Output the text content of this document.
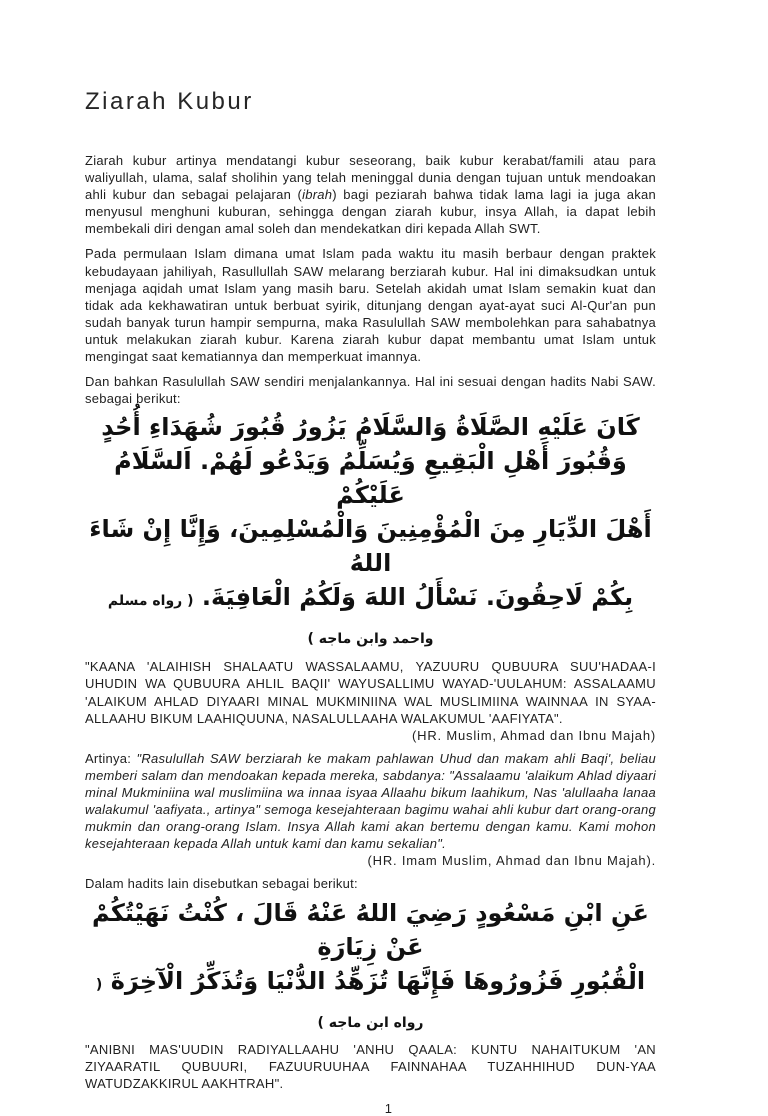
Ziarah Kubur

Ziarah kubur artinya mendatangi kubur seseorang, baik kubur kerabat/famili atau para waliyullah, ulama, salaf sholihin yang telah meninggal dunia dengan tujuan untuk mendoakan ahli kubur dan sebagai pelajaran (ibrah) bagi peziarah bahwa tidak lama lagi ia juga akan menyusul menghuni kuburan, sehingga dengan ziarah kubur, insya Allah, ia dapat lebih membekali diri dengan amal soleh dan mendekatkan diri kepada Allah SWT.

Pada permulaan Islam dimana umat Islam pada waktu itu masih berbaur dengan praktek kebudayaan jahiliyah, Rasullullah SAW melarang berziarah kubur. Hal ini dimaksudkan untuk menjaga aqidah umat Islam yang masih baru. Setelah akidah umat Islam semakin kuat dan tidak ada kekhawatiran untuk berbuat syirik, ditunjang dengan ayat-ayat suci Al-Qur'an pun sudah banyak turun hampir sempurna, maka Rasulullah SAW membolehkan para sahabatnya untuk melakukan ziarah kubur. Karena ziarah kubur dapat membantu umat Islam untuk mengingat saat kematiannya dan memperkuat imannya.

Dan bahkan Rasulullah SAW sendiri menjalankannya. Hal ini sesuai dengan hadits Nabi SAW. sebagai berikut:

كَانَ عَلَيْهِ الصَّلَاةُ وَالسَّلَامُ يَزُورُ قُبُورَ شُهَدَاءِ أُحُدٍ
وَقُبُورَ أَهْلِ الْبَقِيعِ وَيُسَلِّمُ وَيَدْعُو لَهُمْ. اَلسَّلَامُ عَلَيْكُمْ
أَهْلَ الدِّيَارِ مِنَ الْمُؤْمِنِينَ وَالْمُسْلِمِينَ، وَإِنَّا إِنْ شَاءَ اللهُ
بِكُمْ لَاحِقُونَ. نَسْأَلُ اللهَ وَلَكُمُ الْعَافِيَةَ. ( رواه مسلم واحمد وابن ماجه )

"KAANA 'ALAIHISH SHALAATU WASSALAAMU, YAZUURU QUBUURA SUU'HADAA-I UHUDIN WA QUBUURA AHLIL BAQII' WAYUSALLIMU WAYAD-'UULAHUM: ASSALAAMU 'ALAIKUM AHLAD DIYAARI MINAL MUKMINIINA WAL MUSLIMIINA WAINNAA IN SYAA-ALLAAHU BIKUM LAAHIQUUNA, NASALULLAAHA WALAKUMUL 'AAFIYATA".

(HR. Muslim, Ahmad dan Ibnu Majah)

Artinya: "Rasulullah SAW berziarah ke makam pahlawan Uhud dan makam ahli Baqi', beliau memberi salam dan mendoakan kepada mereka, sabdanya: "Assalaamu 'alaikum Ahlad diyaari minal Mukminiina wal muslimiina wa innaa isyaa Allaahu bikum laahikum, Nas 'alullaaha lanaa walakumul 'aafiyata., artinya" semoga kesejahteraan bagimu wahai ahli kubur dart orang-orang mukmin dan orang-orang Islam. Insya Allah kami akan bertemu dengan kamu. Kami mohon kesejahteraan kepada Allah untuk kami dan kamu sekalian".

(HR. Imam Muslim, Ahmad dan Ibnu Majah).

Dalam hadits lain disebutkan sebagai berikut:

عَنِ ابْنِ مَسْعُودٍ رَضِيَ اللهُ عَنْهُ قَالَ ، كُنْتُ نَهَيْتُكُمْ عَنْ زِيَارَةِ
الْقُبُورِ فَزُورُوهَا فَإِنَّهَا تُزَهِّدُ الدُّنْيَا وَتُذَكِّرُ الْآخِرَةَ ( رواه ابن ماجه )

"ANIBNI MAS'UUDIN RADIYALLAAHU 'ANHU QAALA: KUNTU NAHAITUKUM 'AN ZIYAARATIL QUBUURI, FAZUURUUHAA FAINNAHAA TUZAHHIHUD DUN-YAA WATUDZAKKIRUL AAKHTRAH".

1
